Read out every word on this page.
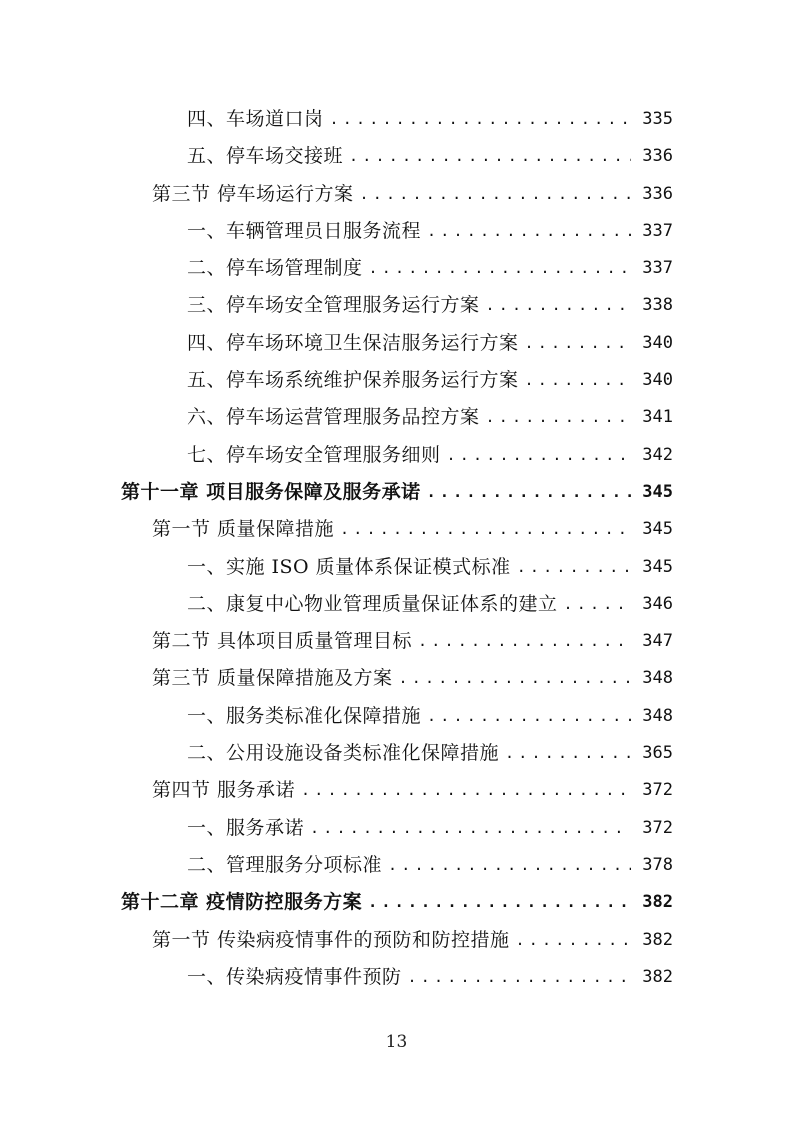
四、车场道口岗 .....	335
五、停车场交接班 .....	336
第三节 停车场运行方案 .....	336
一、车辆管理员日服务流程 .....	337
二、停车场管理制度 .....	337
三、停车场安全管理服务运行方案 .....	338
四、停车场环境卫生保洁服务运行方案 .....	340
五、停车场系统维护保养服务运行方案 .....	340
六、停车场运营管理服务品控方案 .....	341
七、停车场安全管理服务细则 .....	342
第十一章 项目服务保障及服务承诺 .....	345
第一节 质量保障措施 .....	345
一、实施 ISO 质量体系保证模式标准 .....	345
二、康复中心物业管理质量保证体系的建立 .....	346
第二节 具体项目质量管理目标 .....	347
第三节 质量保障措施及方案 .....	348
一、服务类标准化保障措施 .....	348
二、公用设施设备类标准化保障措施 .....	365
第四节 服务承诺 .....	372
一、服务承诺 .....	372
二、管理服务分项标准 .....	378
第十二章 疫情防控服务方案 .....	382
第一节 传染病疫情事件的预防和防控措施 .....	382
一、传染病疫情事件预防 .....	382
13
